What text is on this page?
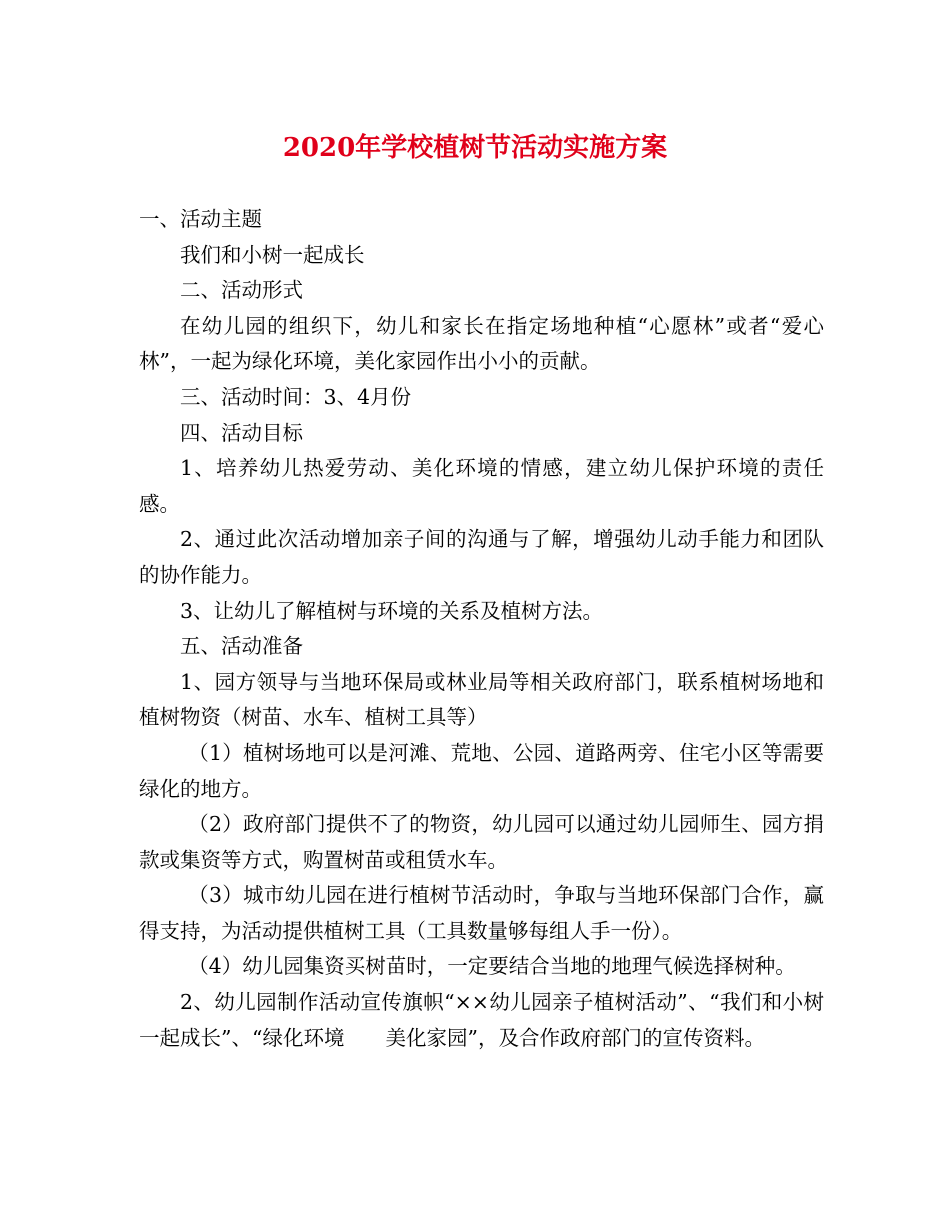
2020年学校植树节活动实施方案

一、活动主题

我们和小树一起成长

二、活动形式

在幼儿园的组织下，幼儿和家长在指定场地种植“心愿林”或者“爱心林”，一起为绿化环境，美化家园作出小小的贡献。

三、活动时间：3、4月份

四、活动目标

1、培养幼儿热爱劳动、美化环境的情感，建立幼儿保护环境的责任感。

2、通过此次活动增加亲子间的沟通与了解，增强幼儿动手能力和团队的协作能力。

3、让幼儿了解植树与环境的关系及植树方法。

五、活动准备

1、园方领导与当地环保局或林业局等相关政府部门，联系植树场地和植树物资（树苗、水车、植树工具等）

（1）植树场地可以是河滩、荒地、公园、道路两旁、住宅小区等需要绿化的地方。

（2）政府部门提供不了的物资，幼儿园可以通过幼儿园师生、园方捐款或集资等方式，购置树苗或租赁水车。

（3）城市幼儿园在进行植树节活动时，争取与当地环保部门合作，赢得支持，为活动提供植树工具（工具数量够每组人手一份）。

（4）幼儿园集资买树苗时，一定要结合当地的地理气候选择树种。

2、幼儿园制作活动宣传旗帜“××幼儿园亲子植树活动”、“我们和小树一起成长”、“绿化环境　　美化家园”，及合作政府部门的宣传资料。
